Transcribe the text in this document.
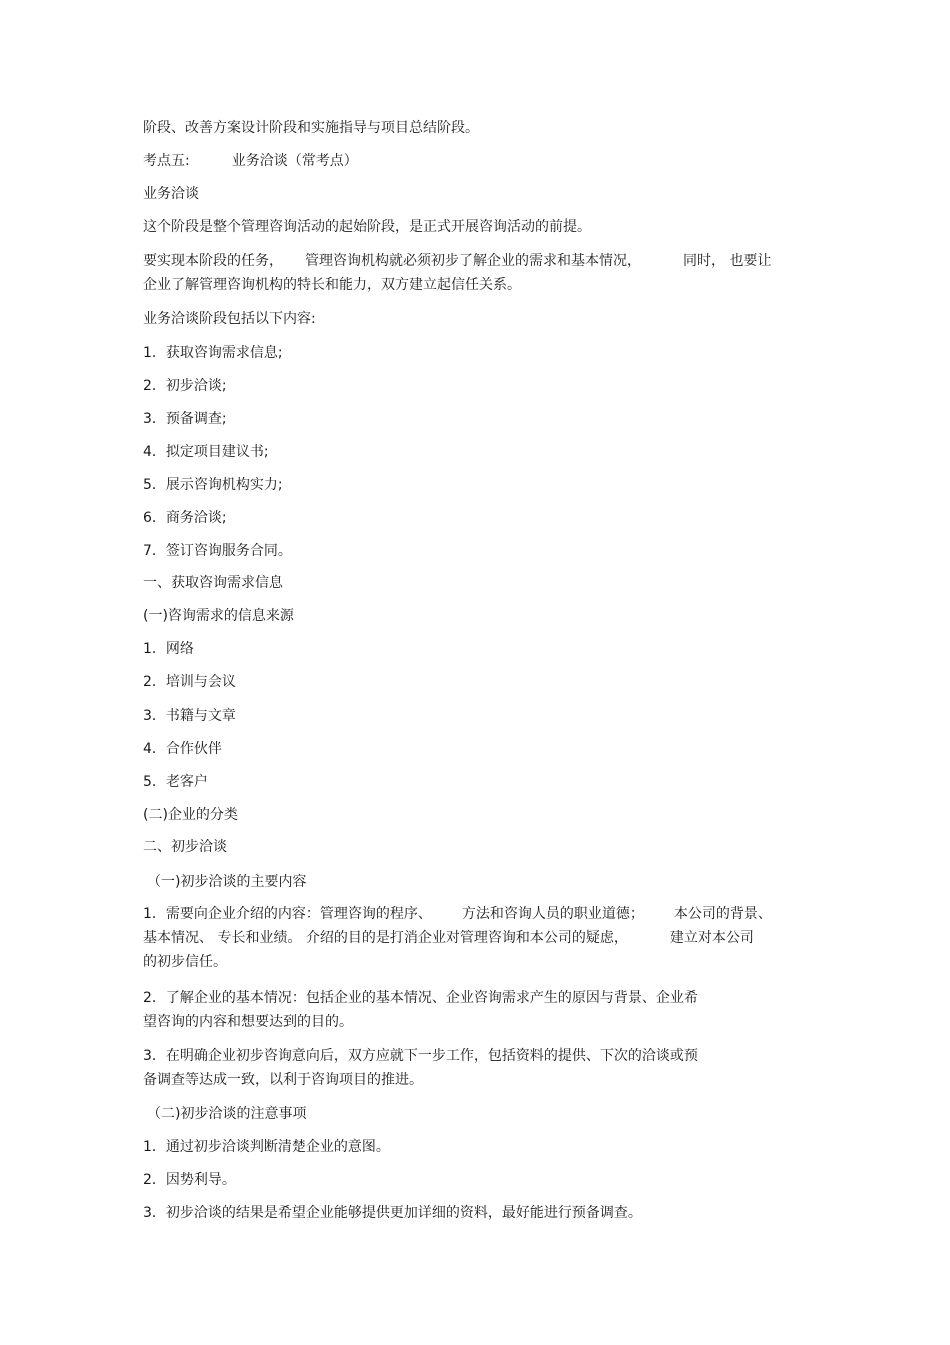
阶段、改善方案设计阶段和实施指导与项目总结阶段。
考点五:	业务洽谈（常考点）
业务洽谈
这个阶段是整个管理咨询活动的起始阶段，是正式开展咨询活动的前提。
要实现本阶段的任务， 管理咨询机构就必须初步了解企业的需求和基本情况，	同时， 也要让
企业了解管理咨询机构的特长和能力，双方建立起信任关系。
业务洽谈阶段包括以下内容:
1．获取咨询需求信息;
2．初步洽谈;
3．预备调查;
4．拟定项目建议书;
5．展示咨询机构实力;
6．商务洽谈;
7．签订咨询服务合同。
一、获取咨询需求信息
(一)咨询需求的信息来源
1．网络
2．培训与会议
3．书籍与文章
4．合作伙伴
5．老客户
(二)企业的分类
二、初步洽谈
（一)初步洽谈的主要内容
1．需要向企业介绍的内容：管理咨询的程序、 方法和咨询人员的职业道德； 本公司的背景、
基本情况、 专长和业绩。 介绍的目的是打消企业对管理咨询和本公司的疑虑，	建立对本公司
的初步信任。
2．了解企业的基本情况：包括企业的基本情况、企业咨询需求产生的原因与背景、企业希
望咨询的内容和想要达到的目的。
3．在明确企业初步咨询意向后，双方应就下一步工作，包括资料的提供、下次的洽谈或预
备调查等达成一致，以利于咨询项目的推进。
（二)初步洽谈的注意事项
1．通过初步洽谈判断清楚企业的意图。
2．因势利导。
3．初步洽谈的结果是希望企业能够提供更加详细的资料，最好能进行预备调查。
